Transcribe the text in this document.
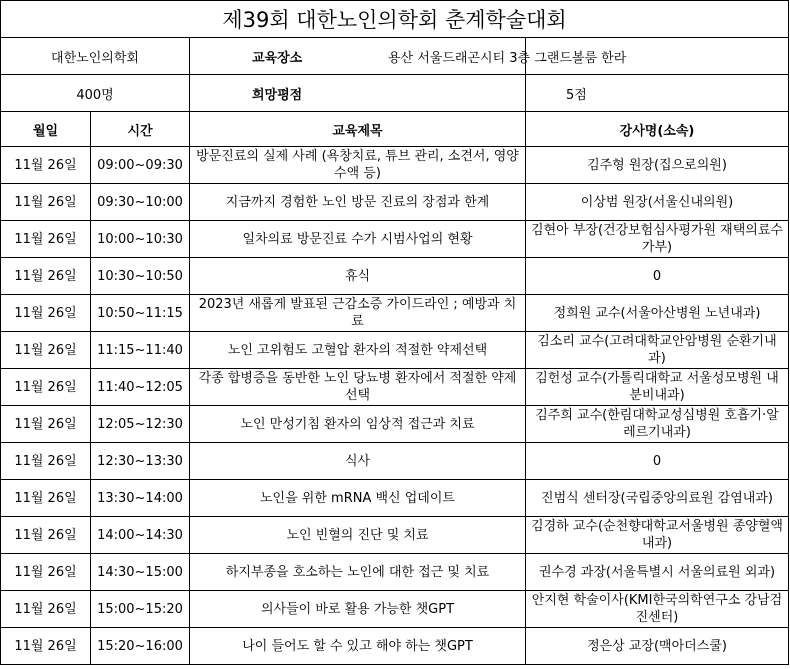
제39회 대한노인의학회 춘계학술대회			
대한노인의학회		교육장소	용산 서울드래곤시티 3층 그랜드볼룸 한라
400명		희망평점	5점
월일	시간	교육제목	강사명(소속)
11월 26일	09:00~09:30	방문진료의 실제 사례 (욕창치료, 튜브 관리, 소견서, 영양수액 등)	김주형 원장(집으로의원)
11월 26일	09:30~10:00	지금까지 경험한 노인 방문 진료의 장점과 한계	이상범 원장(서울신내의원)
11월 26일	10:00~10:30	일차의료 방문진료 수가 시범사업의 현황	김현아 부장(건강보험심사평가원 재택의료수가부)
11월 26일	10:30~10:50	휴식	0
11월 26일	10:50~11:15	2023년 새롭게 발표된 근감소증 가이드라인 ; 예방과 치료	정희원 교수(서울아산병원 노년내과)
11월 26일	11:15~11:40	노인 고위험도 고혈압 환자의 적절한 약제선택	김소리 교수(고려대학교안암병원 순환기내과)
11월 26일	11:40~12:05	각종 합병증을 동반한 노인 당뇨병 환자에서 적절한 약제선택	김헌성 교수(가톨릭대학교 서울성모병원 내분비내과)
11월 26일	12:05~12:30	노인 만성기침 환자의 임상적 접근과 치료	김주희 교수(한림대학교성심병원 호흡기·알레르기내과)
11월 26일	12:30~13:30	식사	0
11월 26일	13:30~14:00	노인을 위한 mRNA 백신 업데이트	진범식 센터장(국립중앙의료원 감염내과)
11월 26일	14:00~14:30	노인 빈혈의 진단 및 치료	김경하 교수(순천향대학교서울병원 종양혈액내과)
11월 26일	14:30~15:00	하지부종을 호소하는 노인에 대한 접근 및 치료	권수경 과장(서울특별시 서울의료원 외과)
11월 26일	15:00~15:20	의사들이 바로 활용 가능한 챗GPT	안지현 학술이사(KMI한국의학연구소 강남검진센터)
11월 26일	15:20~16:00	나이 들어도 할 수 있고 해야 하는 챗GPT	정은상 교장(맥아더스쿨)
